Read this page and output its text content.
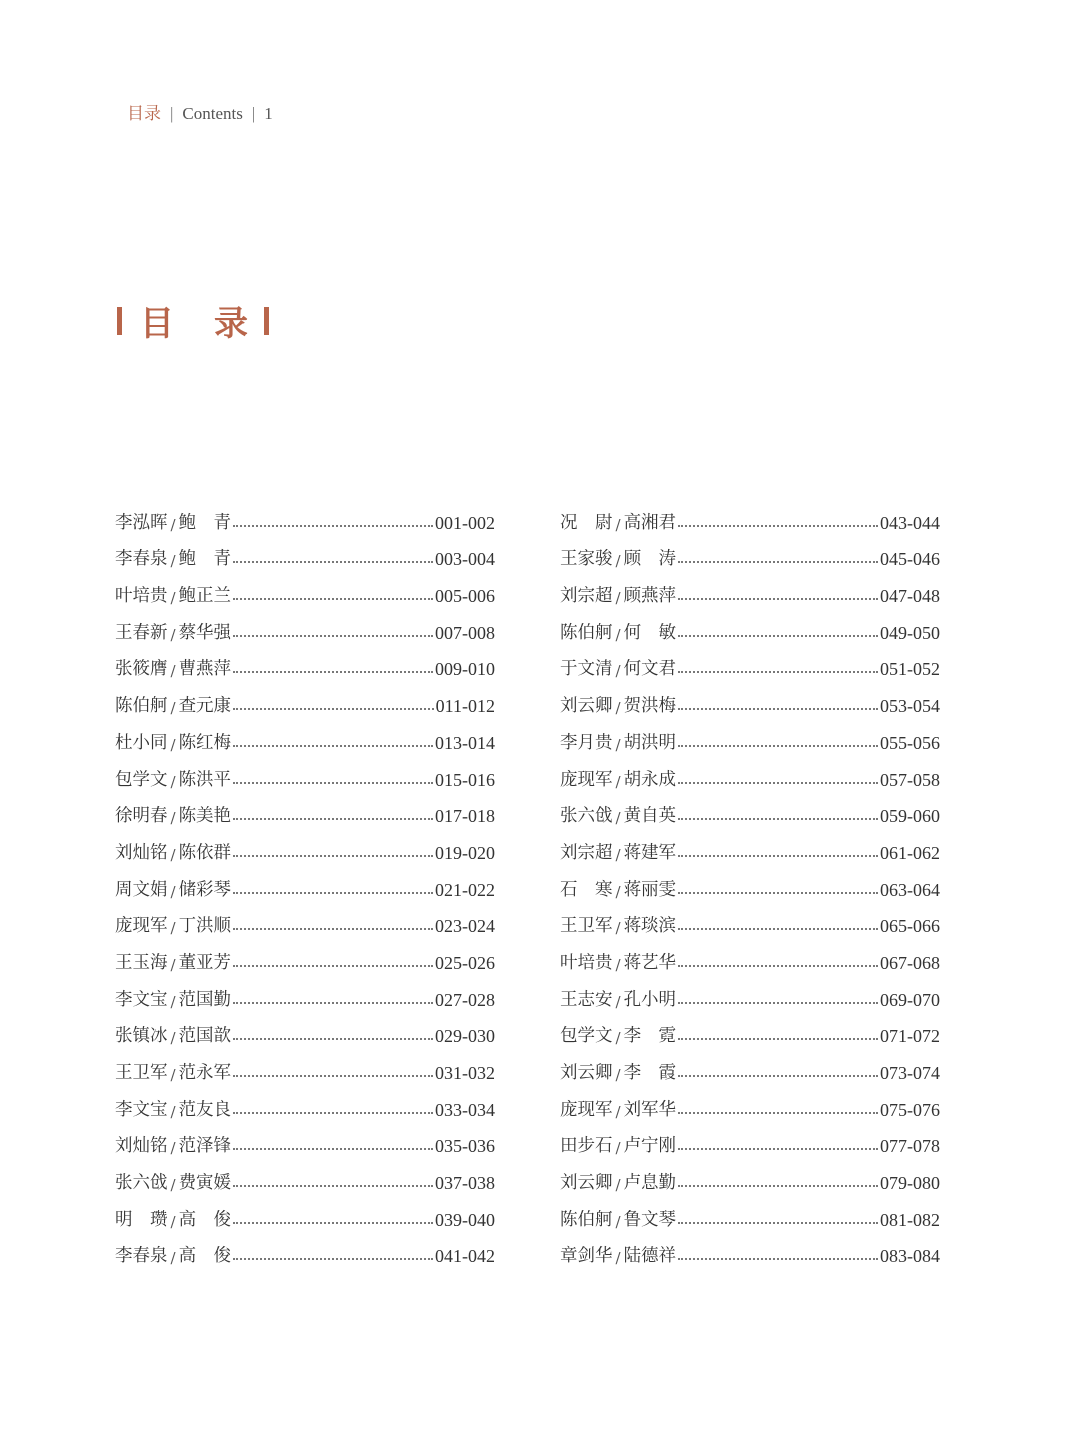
目录 | Contents | 1
目 录
李泓晖 / 鲍　青	001-002
李春泉 / 鲍　青	003-004
叶培贵 / 鲍正兰	005-006
王春新 / 蔡华强	007-008
张筱膺 / 曹燕萍	009-010
陈伯舸 / 查元康	011-012
杜小同 / 陈红梅	013-014
包学文 / 陈洪平	015-016
徐明春 / 陈美艳	017-018
刘灿铭 / 陈依群	019-020
周文娟 / 储彩琴	021-022
庞现军 / 丁洪顺	023-024
王玉海 / 董亚芳	025-026
李文宝 / 范国勤	027-028
张镇冰 / 范国歆	029-030
王卫军 / 范永军	031-032
李文宝 / 范友良	033-034
刘灿铭 / 范泽锋	035-036
张六戗 / 费寅媛	037-038
明　瓒 / 高　俊	039-040
李春泉 / 高　俊	041-042
况　尉 / 高湘君	043-044
王家骏 / 顾　涛	045-046
刘宗超 / 顾燕萍	047-048
陈伯舸 / 何　敏	049-050
于文清 / 何文君	051-052
刘云卿 / 贺洪梅	053-054
李月贵 / 胡洪明	055-056
庞现军 / 胡永成	057-058
张六戗 / 黄自英	059-060
刘宗超 / 蒋建军	061-062
石　寒 / 蒋丽雯	063-064
王卫军 / 蒋琰滨	065-066
叶培贵 / 蒋艺华	067-068
王志安 / 孔小明	069-070
包学文 / 李　霓	071-072
刘云卿 / 李　霞	073-074
庞现军 / 刘军华	075-076
田步石 / 卢宁刚	077-078
刘云卿 / 卢息勤	079-080
陈伯舸 / 鲁文琴	081-082
章剑华 / 陆德祥	083-084
